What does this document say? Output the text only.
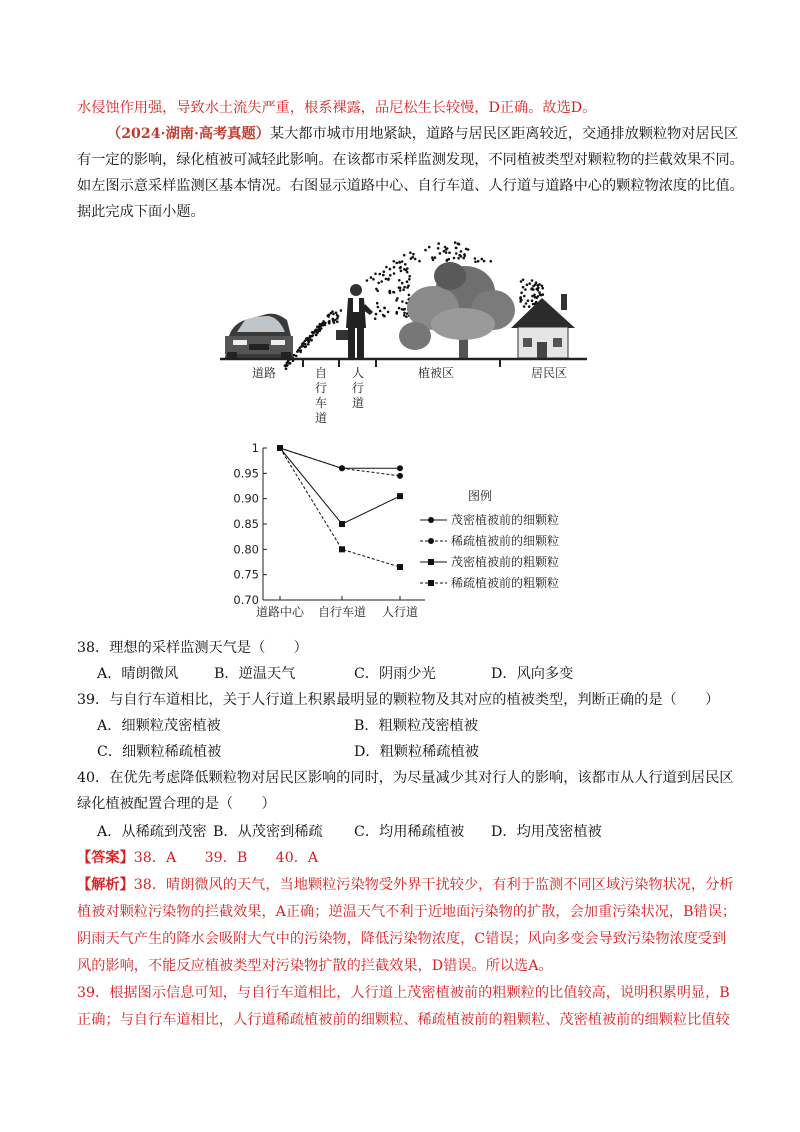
水侵蚀作用强，导致水土流失严重，根系裸露，品尼松生长较慢，D正确。故选D。
（2024·湖南·高考真题）某大都市城市用地紧缺，道路与居民区距离较近，交通排放颗粒物对居民区
有一定的影响，绿化植被可减轻此影响。在该都市采样监测发现，不同植被类型对颗粒物的拦截效果不同。
如左图示意采样监测区基本情况。右图显示道路中心、自行车道、人行道与道路中心的颗粒物浓度的比值。
据此完成下面小题。
道路	自
行
车
道
人
行
道
植被区	居民区
1
0.95
0.90
0.85
0.80
0.75
0.70
道路中心 自行车道 人行道
图例
茂密植被前的细颗粒
稀疏植被前的细颗粒
茂密植被前的粗颗粒
稀疏植被前的粗颗粒
38．理想的采样监测天气是（　　）
A．晴朗微风	B．逆温天气	C．阴雨少光	D．风向多变
39．与自行车道相比，关于人行道上积累最明显的颗粒物及其对应的植被类型，判断正确的是（　　）
A．细颗粒茂密植被	B．粗颗粒茂密植被
C．细颗粒稀疏植被	D．粗颗粒稀疏植被
40．在优先考虑降低颗粒物对居民区影响的同时，为尽量减少其对行人的影响，该都市从人行道到居民区
绿化植被配置合理的是（　　）
A．从稀疏到茂密 B．从茂密到稀疏 C．均用稀疏植被 D．均用茂密植被
【答案】38．A　　39．B　　40．A
【解析】38．晴朗微风的天气，当地颗粒污染物受外界干扰较少，有利于监测不同区域污染物状况，分析
植被对颗粒污染物的拦截效果，A正确；逆温天气不利于近地面污染物的扩散，会加重污染状况，B错误；
阴雨天气产生的降水会吸附大气中的污染物，降低污染物浓度，C错误；风向多变会导致污染物浓度受到
风的影响，不能反应植被类型对污染物扩散的拦截效果，D错误。所以选A。
39．根据图示信息可知，与自行车道相比，人行道上茂密植被前的粗颗粒的比值较高，说明积累明显，B
正确；与自行车道相比，人行道稀疏植被前的细颗粒、稀疏植被前的粗颗粒、茂密植被前的细颗粒比值较
